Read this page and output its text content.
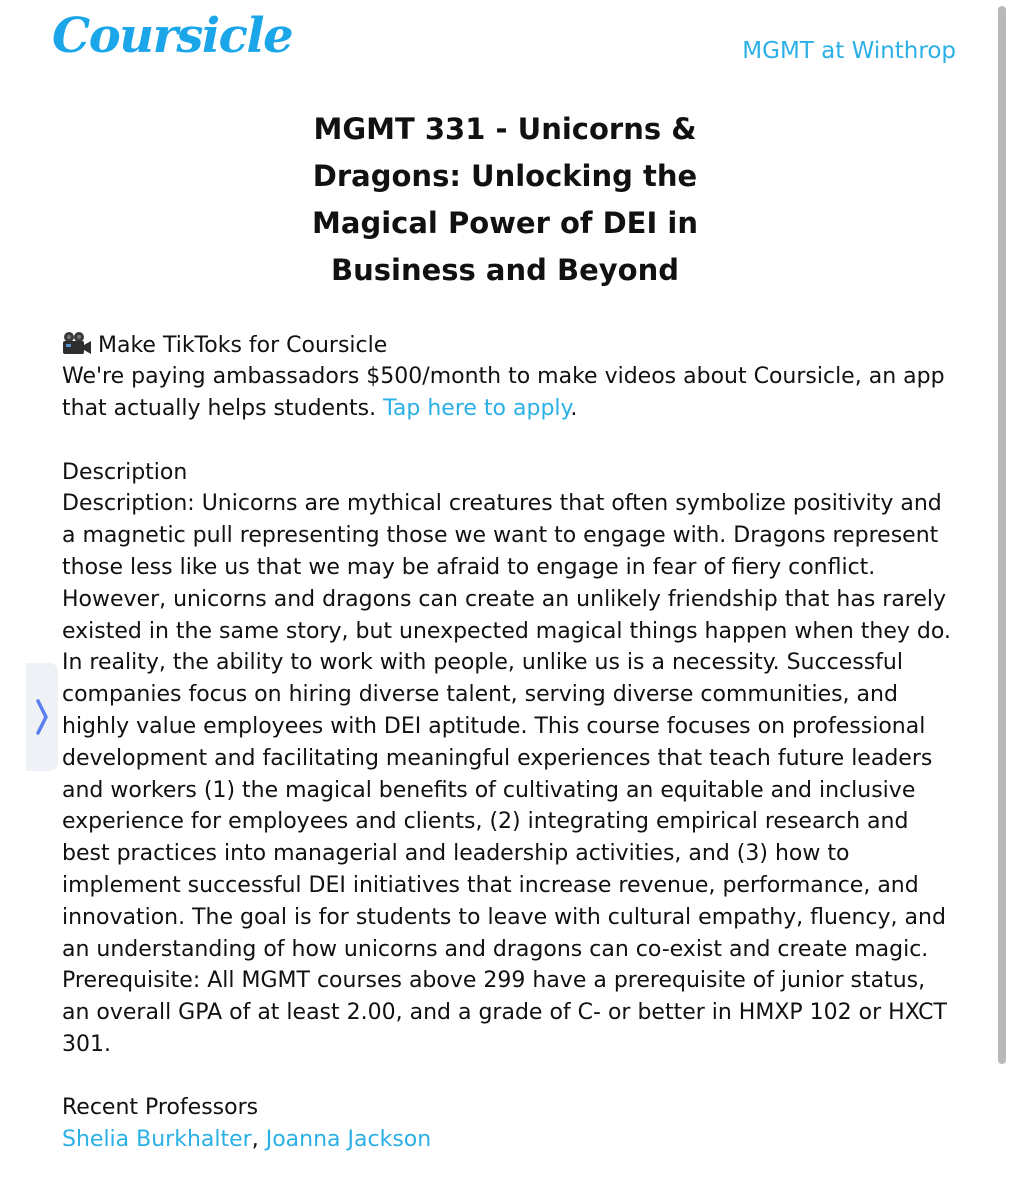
Coursicle	MGMT at Winthrop
MGMT 331 - Unicorns & Dragons: Unlocking the Magical Power of DEI in Business and Beyond

Make TikToks for Coursicle

We're paying ambassadors $500/month to make videos about Coursicle, an app that actually helps students. Tap here to apply.

Description

Description: Unicorns are mythical creatures that often symbolize positivity and a magnetic pull representing those we want to engage with. Dragons represent those less like us that we may be afraid to engage in fear of fiery conflict. However, unicorns and dragons can create an unlikely friendship that has rarely existed in the same story, but unexpected magical things happen when they do. In reality, the ability to work with people, unlike us is a necessity. Successful companies focus on hiring diverse talent, serving diverse communities, and highly value employees with DEI aptitude. This course focuses on professional development and facilitating meaningful experiences that teach future leaders and workers (1) the magical benefits of cultivating an equitable and inclusive experience for employees and clients, (2) integrating empirical research and best practices into managerial and leadership activities, and (3) how to implement successful DEI initiatives that increase revenue, performance, and innovation. The goal is for students to leave with cultural empathy, fluency, and an understanding of how unicorns and dragons can co-exist and create magic. Prerequisite: All MGMT courses above 299 have a prerequisite of junior status, an overall GPA of at least 2.00, and a grade of C- or better in HMXP 102 or HXCT 301.

Recent Professors

Shelia Burkhalter, Joanna Jackson
